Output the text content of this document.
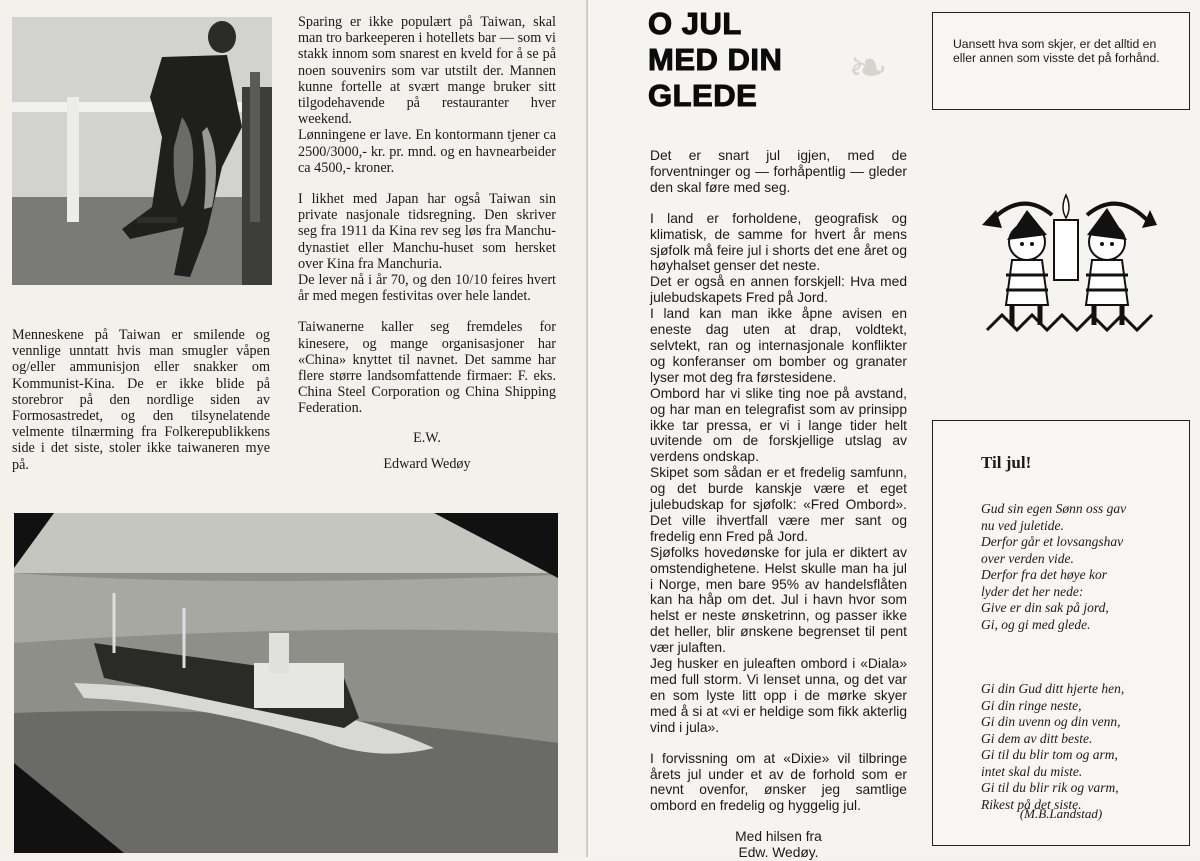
Menneskene på Taiwan er smilende og vennlige unntatt hvis man smugler våpen og/eller ammunisjon eller snakker om Kommunist-Kina. De er ikke blide på storebror på den nordlige siden av Formosastredet, og den tilsynelatende velmente tilnærming fra Folkerepublikkens side i det siste, stoler ikke taiwaneren mye på.

Sparing er ikke populært på Taiwan, skal man tro barkeeperen i hotellets bar — som vi stakk innom som snarest en kveld for å se på noen souvenirs som var utstilt der. Mannen kunne fortelle at svært mange bruker sitt tilgodehavende på restauranter hver weekend.

Lønningene er lave. En kontormann tjener ca 2500/3000,- kr. pr. mnd. og en havnearbeider ca 4500,- kroner.

I likhet med Japan har også Taiwan sin private nasjonale tidsregning. Den skriver seg fra 1911 da Kina rev seg løs fra Manchu-dynastiet eller Manchu-huset som hersket over Kina fra Manchuria.

De lever nå i år 70, og den 10/10 feires hvert år med megen festivitas over hele landet.

Taiwanerne kaller seg fremdeles for kinesere, og mange organisasjoner har «China» knyttet til navnet. Det samme har flere større landsomfattende firmaer: F. eks. China Steel Corporation og China Shipping Federation.

E.W.

Edward Wedøy

❧
O JUL
MED DIN
GLEDE

Det er snart jul igjen, med de forventninger og — forhåpentlig — gleder den skal føre med seg.

I land er forholdene, geografisk og klimatisk, de samme for hvert år mens sjøfolk må feire jul i shorts det ene året og høyhalset genser det neste.

Det er også en annen forskjell: Hva med julebudskapets Fred på Jord.

I land kan man ikke åpne avisen en eneste dag uten at drap, voldtekt, selvtekt, ran og internasjonale konflikter og konferanser om bomber og granater lyser mot deg fra førstesidene.

Ombord har vi slike ting noe på avstand, og har man en telegrafist som av prinsipp ikke tar pressa, er vi i lange tider helt uvitende om de forskjellige utslag av verdens ondskap.

Skipet som sådan er et fredelig samfunn, og det burde kanskje være et eget julebudskap for sjøfolk: «Fred Ombord». Det ville ihvertfall være mer sant og fredelig enn Fred på Jord.

Sjøfolks hovedønske for jula er diktert av omstendighetene. Helst skulle man ha jul i Norge, men bare 95% av handelsflåten kan ha håp om det. Jul i havn hvor som helst er neste ønsketrinn, og passer ikke det heller, blir ønskene begrenset til pent vær julaften.

Jeg husker en juleaften ombord i «Diala» med full storm. Vi lenset unna, og det var en som lyste litt opp i de mørke skyer med å si at «vi er heldige som fikk akterlig vind i jula».

I forvissning om at «Dixie» vil tilbringe årets jul under et av de forhold som er nevnt ovenfor, ønsker jeg samtlige ombord en fredelig og hyggelig jul.

Med hilsen fra

Edw. Wedøy.

Uansett hva som skjer, er det alltid en eller annen som visste det på forhånd.

Til jul!

Gud sin egen Sønn oss gav
nu ved juletide.
Derfor går et lovsangshav
over verden vide.
Derfor fra det høye kor
lyder det her nede:
Give er din sak på jord,
Gi, og gi med glede.
Gi din Gud ditt hjerte hen,
Gi din ringe neste,
Gi din uvenn og din venn,
Gi dem av ditt beste.
Gi til du blir tom og arm,
intet skal du miste.
Gi til du blir rik og varm,
Rikest på det siste.

(M.B.Landstad)
